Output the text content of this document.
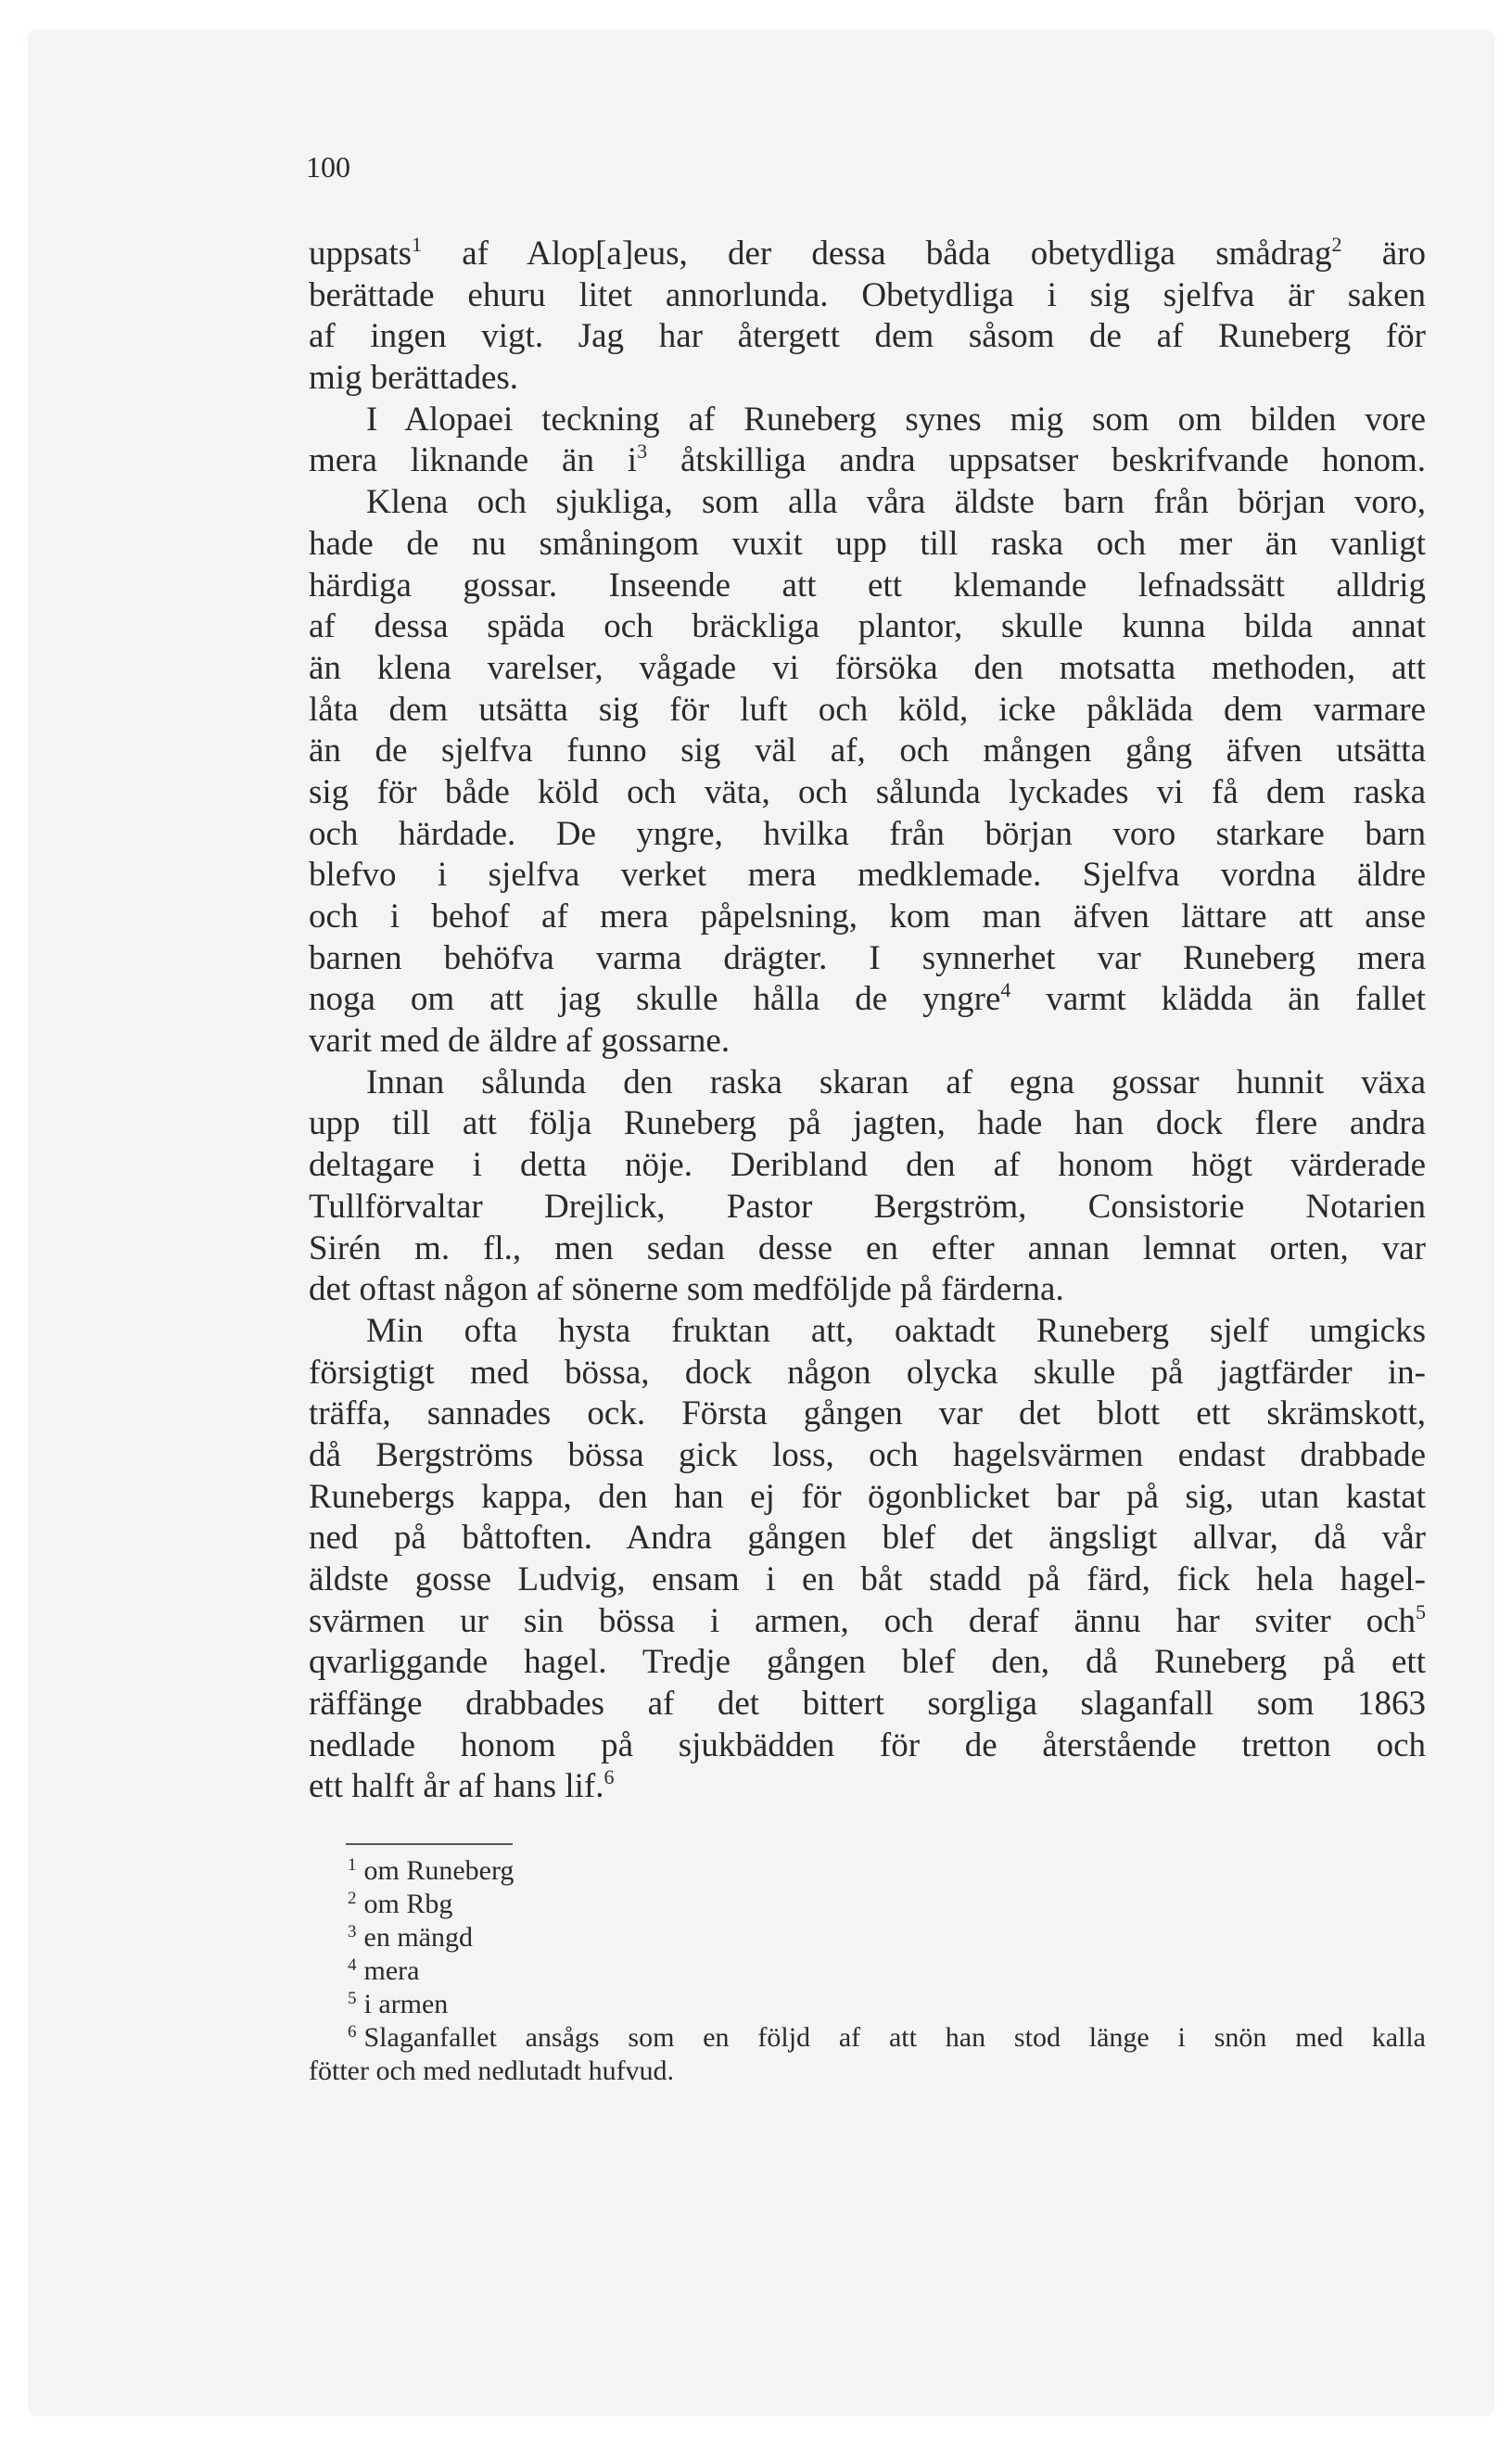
100
uppsats$^1$ af Alop[a]eus, der dessa båda obetydliga smådrag$^2$ äro
berättade ehuru litet annorlunda. Obetydliga i sig sjelfva är saken
af ingen vigt. Jag har återgett dem såsom de af Runeberg för
mig berättades.
I Alopaei teckning af Runeberg synes mig som om bilden vore
mera liknande än $i^3$ åtskilliga andra uppsatser beskrifvande honom.
Klena och sjukliga, som alla våra äldste barn från början voro,
hade de nu småningom vuxit upp till raska och mer än vanligt
härdiga gossar. Inseende att ett klemande lefnadssätt alldrig
af dessa späda och bräckliga plantor, skulle kunna bilda annat
än klena varelser, vågade vi försöka den motsatta methoden, att
låta dem utsätta sig för luft och köld, icke påkläda dem varmare
än de sjelfva funno sig väl af, och mången gång äfven utsätta
sig för både köld och väta, och sålunda lyckades vi få dem raska
och härdade. De yngre, hvilka från början voro starkare barn
blefvo i sjelfva verket mera medklemade. Sjelfva vordna äldre
och i behof af mera påpelsning, kom man äfven lättare att anse
barnen behöfva varma drägter. I synnerhet var Runeberg mera
noga om att jag skulle hålla de yngre$^4$ varmt klädda än fallet
varit med de äldre af gossarne.
Innan sålunda den raska skaran af egna gossar hunnit växa
upp till att följa Runeberg på jagten, hade han dock flere andra
deltagare i detta nöje. Deribland den af honom högt värderade
Tullförvaltar Drejlick, Pastor Bergström, Consistorie Notarien
Sirén m. fl., men sedan desse en efter annan lemnat orten, var
det oftast någon af sönerne som medföljde på färderna.
Min ofta hysta fruktan att, oaktadt Runeberg sjelf umgicks
försigtigt med bössa, dock någon olycka skulle på jagtfärder in-
träffa, sannades ock. Första gången var det blott ett skrämskott,
då Bergströms bössa gick loss, och hagelsvärmen endast drabbade
Runebergs kappa, den han ej för ögonblicket bar på sig, utan kastat
ned på båttoften. Andra gången blef det ängsligt allvar, då vår
äldste gosse Ludvig, ensam i en båt stadd på färd, fick hela hagel-
svärmen ur sin bössa i armen, och deraf ännu har sviter och$^5$
qvarliggande hagel. Tredje gången blef den, då Runeberg på ett
räffänge drabbades af det bittert sorgliga slaganfall som 1863
nedlade honom på sjukbädden för de återstående tretton och
ett halft år af hans lif.$^6$
$^1$ om Runeberg
$^2$ om Rbg
$^3$ en mängd
$^4$ mera
$^5$ i armen
$^6$ Slaganfallet ansågs som en följd af att han stod länge i snön med kalla
fötter och med nedlutadt hufvud.
